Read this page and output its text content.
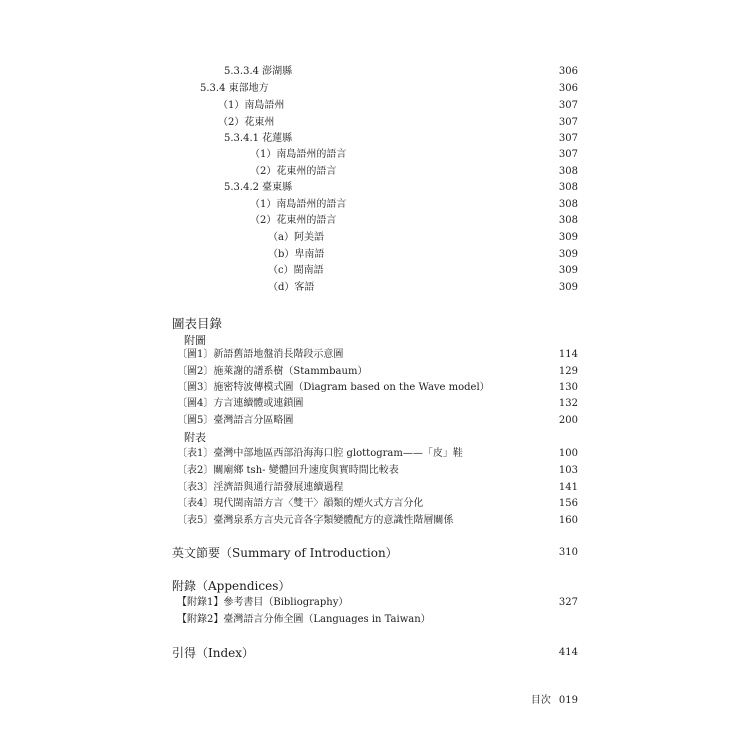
5.3.3.4 澎湖縣	306
5.3.4 東部地方	306
（1）南島語州	307
（2）花東州	307
5.3.4.1 花蓮縣	307
（1）南島語州的語言	307
（2）花東州的語言	308
5.3.4.2 臺東縣	308
（1）南島語州的語言	308
（2）花東州的語言	308
（a）阿美語	309
（b）卑南語	309
（c）閩南語	309
（d）客語	309
圖表目錄
附圖
〔圖1〕新語舊語地盤消長階段示意圖	114
〔圖2〕施萊謝的譜系樹（Stammbaum）	129
〔圖3〕施密特波傳模式圖（Diagram based on the Wave model）	130
〔圖4〕方言連續體或連鎖圖	132
〔圖5〕臺灣語言分區略圖	200
附表
〔表1〕臺灣中部地區西部沿海海口腔 glottogram——「皮」鞋	100
〔表2〕關廟鄉 tsh- 變體回升速度與實時間比較表	103
〔表3〕淫濟語與通行語發展連續過程	141
〔表4〕現代閩南語方言〈雙干〉韻類的煙火式方言分化	156
〔表5〕臺灣泉系方言央元音各字類變體配方的意識性階層關係	160
英文節要（Summary of Introduction）	310
附錄（Appendices）
【附錄1】參考書目（Bibliography）	327
【附錄2】臺灣語言分佈全圖（Languages in Taiwan）
引得（Index）	414
目次 019
